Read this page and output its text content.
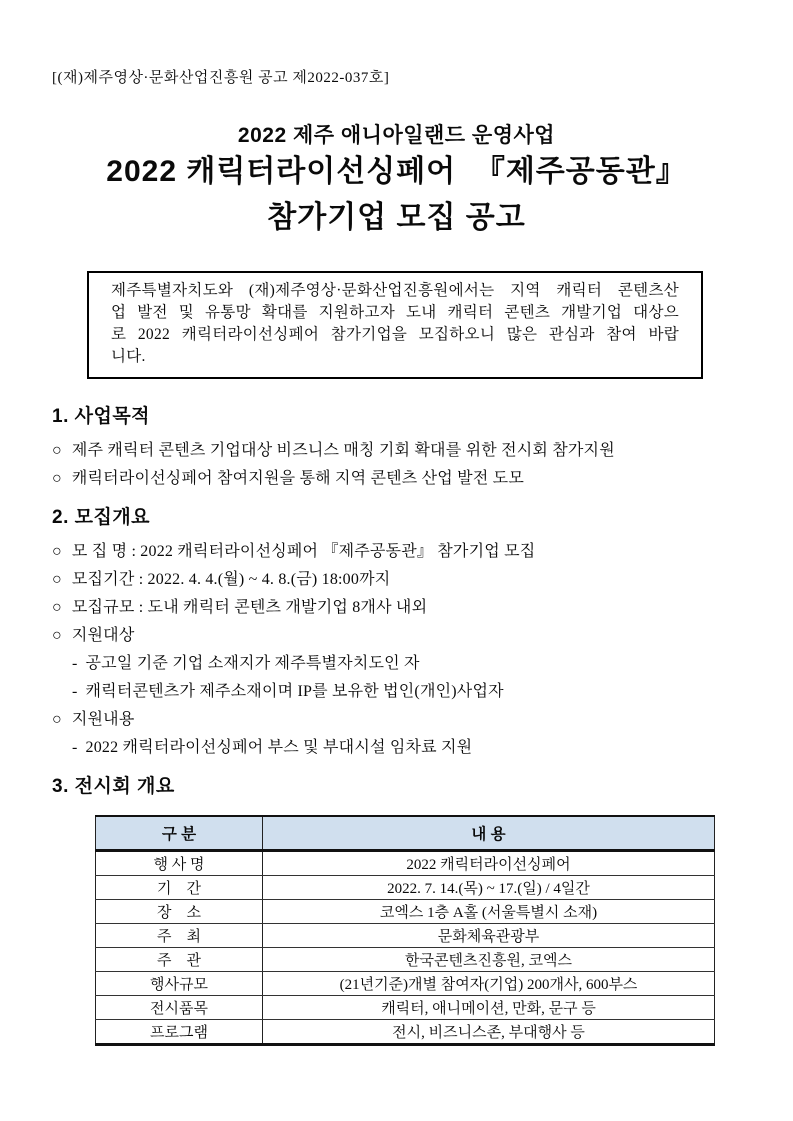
[(재)제주영상·문화산업진흥원 공고 제2022-037호]
2022 제주 애니아일랜드 운영사업
2022 캐릭터라이선싱페어  『제주공동관』
참가기업 모집 공고
제주특별자치도와 (재)제주영상·문화산업진흥원에서는 지역 캐릭터 콘텐츠산
업 발전 및 유통망 확대를 지원하고자 도내 캐릭터 콘텐츠 개발기업 대상으
로 2022 캐릭터라이선싱페어 참가기업을 모집하오니 많은 관심과 참여 바랍
니다.
1. 사업목적
○ 제주 캐릭터 콘텐츠 기업대상 비즈니스 매칭 기회 확대를 위한 전시회 참가지원
○ 캐릭터라이선싱페어 참여지원을 통해 지역 콘텐츠 산업 발전 도모
2. 모집개요
○ 모 집 명 : 2022 캐릭터라이선싱페어 『제주공동관』 참가기업 모집
○ 모집기간 : 2022. 4. 4.(월) ~ 4. 8.(금) 18:00까지
○ 모집규모 : 도내 캐릭터 콘텐츠 개발기업 8개사 내외
○ 지원대상
- 공고일 기준 기업 소재지가 제주특별자치도인 자
- 캐릭터콘텐츠가 제주소재이며 IP를 보유한 법인(개인)사업자
○ 지원내용
- 2022 캐릭터라이선싱페어 부스 및 부대시설 임차료 지원
3. 전시회 개요
구 분	내 용
행 사 명	2022 캐릭터라이선싱페어
기    간	2022. 7. 14.(목) ~ 17.(일) / 4일간
장    소	코엑스 1층 A홀 (서울특별시 소재)
주    최	문화체육관광부
주    관	한국콘텐츠진흥원, 코엑스
행사규모	(21년기준)개별 참여자(기업) 200개사, 600부스
전시품목	캐릭터, 애니메이션, 만화, 문구 등
프로그램	전시, 비즈니스존, 부대행사 등
